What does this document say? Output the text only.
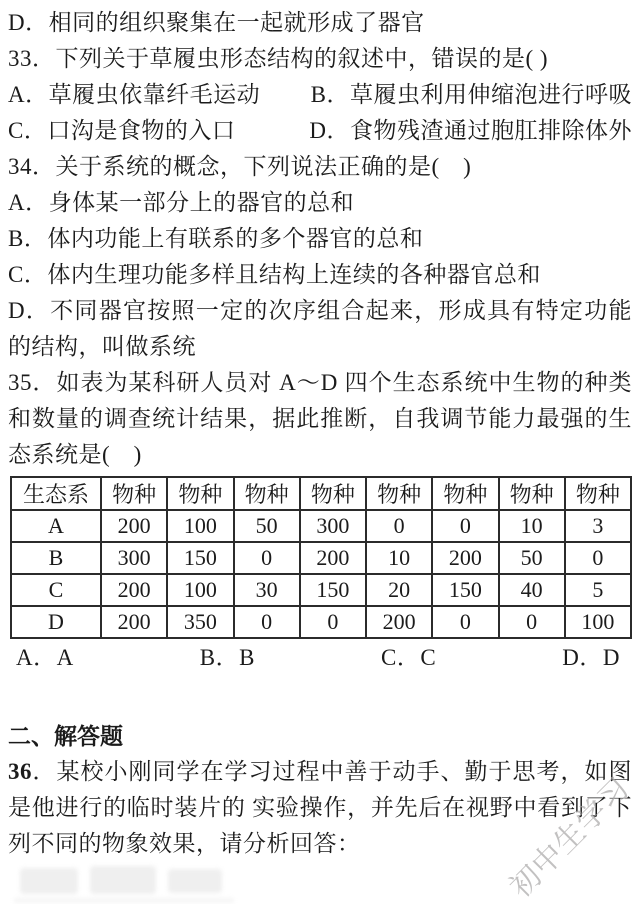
D．相同的组织聚集在一起就形成了器官

33．下列关于草履虫形态结构的叙述中，错误的是( )

A．草履虫依靠纤毛运动 B．草履虫利用伸缩泡进行呼吸
C．口沟是食物的入口	D．食物残渣通过胞肛排除体外

34．关于系统的概念，下列说法正确的是(　)

A．身体某一部分上的器官的总和

B．体内功能上有联系的多个器官的总和

C．体内生理功能多样且结构上连续的各种器官总和

D．不同器官按照一定的次序组合起来，形成具有特定功能的结构，叫做系统

35．如表为某科研人员对 A～D 四个生态系统中生物的种类和数量的调查统计结果，据此推断，自我调节能力最强的生态系统是(　)

生态系	物种	物种	物种	物种	物种	物种	物种	物种
A	200	100	50	300	0	0	10	3
B	300	150	0	200	10	200	50	0
C	200	100	30	150	20	150	40	5
D	200	350	0	0	200	0	0	100
A．A	B．B	C．C	D．D
二、解答题

36．某校小刚同学在学习过程中善于动手、勤于思考，如图是他进行的临时装片的 实验操作，并先后在视野中看到了下列不同的物象效果，请分析回答：	初中生学习
